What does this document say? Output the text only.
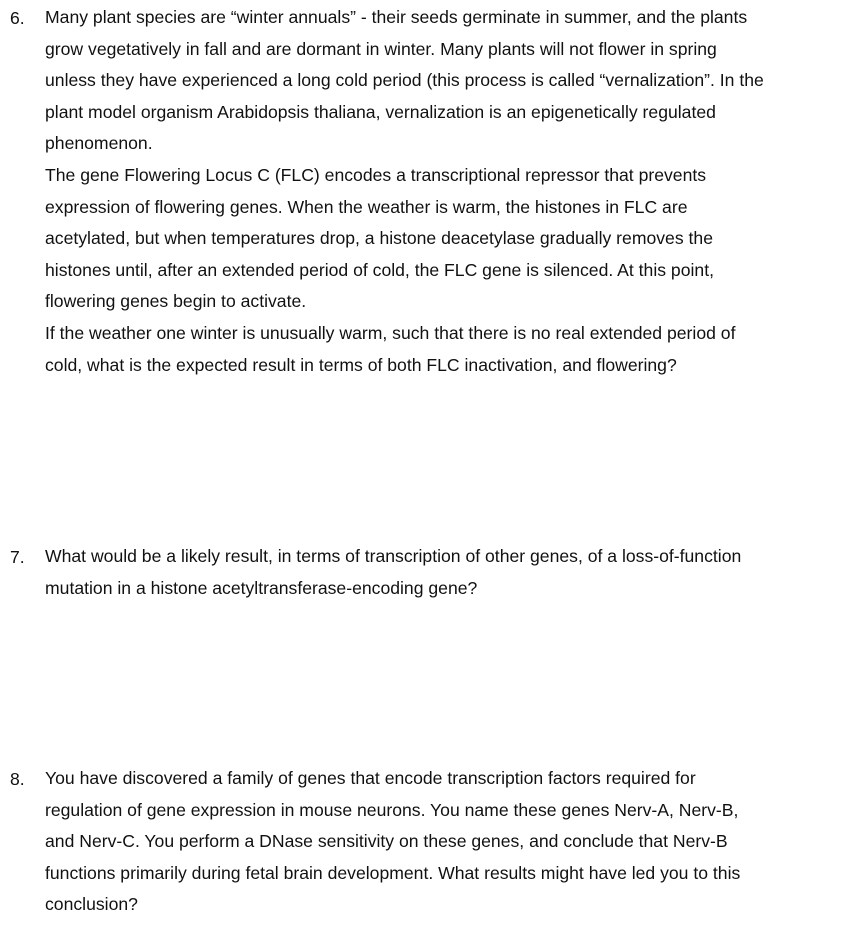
6. Many plant species are “winter annuals” - their seeds germinate in summer, and the plants
grow vegetatively in fall and are dormant in winter. Many plants will not flower in spring
unless they have experienced a long cold period (this process is called “vernalization”. In the
plant model organism Arabidopsis thaliana, vernalization is an epigenetically regulated
phenomenon.

The gene Flowering Locus C (FLC) encodes a transcriptional repressor that prevents
expression of flowering genes. When the weather is warm, the histones in FLC are
acetylated, but when temperatures drop, a histone deacetylase gradually removes the
histones until, after an extended period of cold, the FLC gene is silenced. At this point,
flowering genes begin to activate.

If the weather one winter is unusually warm, such that there is no real extended period of
cold, what is the expected result in terms of both FLC inactivation, and flowering?

7. What would be a likely result, in terms of transcription of other genes, of a loss-of-function
mutation in a histone acetyltransferase-encoding gene?

8. You have discovered a family of genes that encode transcription factors required for
regulation of gene expression in mouse neurons. You name these genes Nerv-A, Nerv-B,
and Nerv-C. You perform a DNase sensitivity on these genes, and conclude that Nerv-B
functions primarily during fetal brain development. What results might have led you to this
conclusion?
